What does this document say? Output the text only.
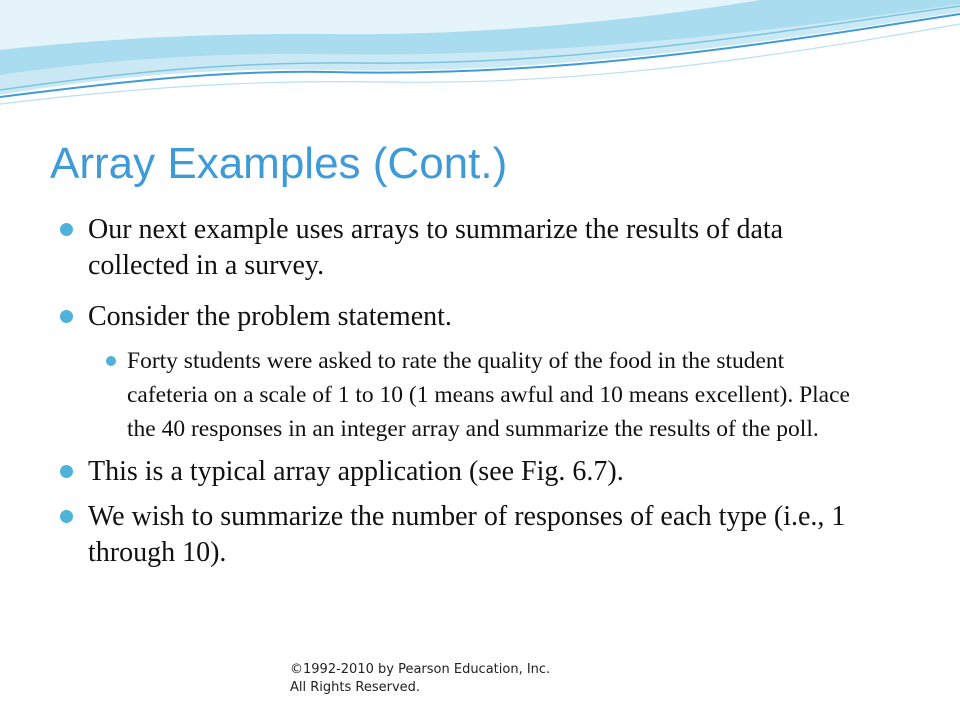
Array Examples (Cont.)
Our next example uses arrays to summarize the results of data collected in a survey.
Consider the problem statement.
Forty students were asked to rate the quality of the food in the student cafeteria on a scale of 1 to 10 (1 means awful and 10 means excellent). Place the 40 responses in an integer array and summarize the results of the poll.
This is a typical array application (see Fig. 6.7).
We wish to summarize the number of responses of each type (i.e., 1 through 10).
©1992-2010 by Pearson Education, Inc.
All Rights Reserved.
